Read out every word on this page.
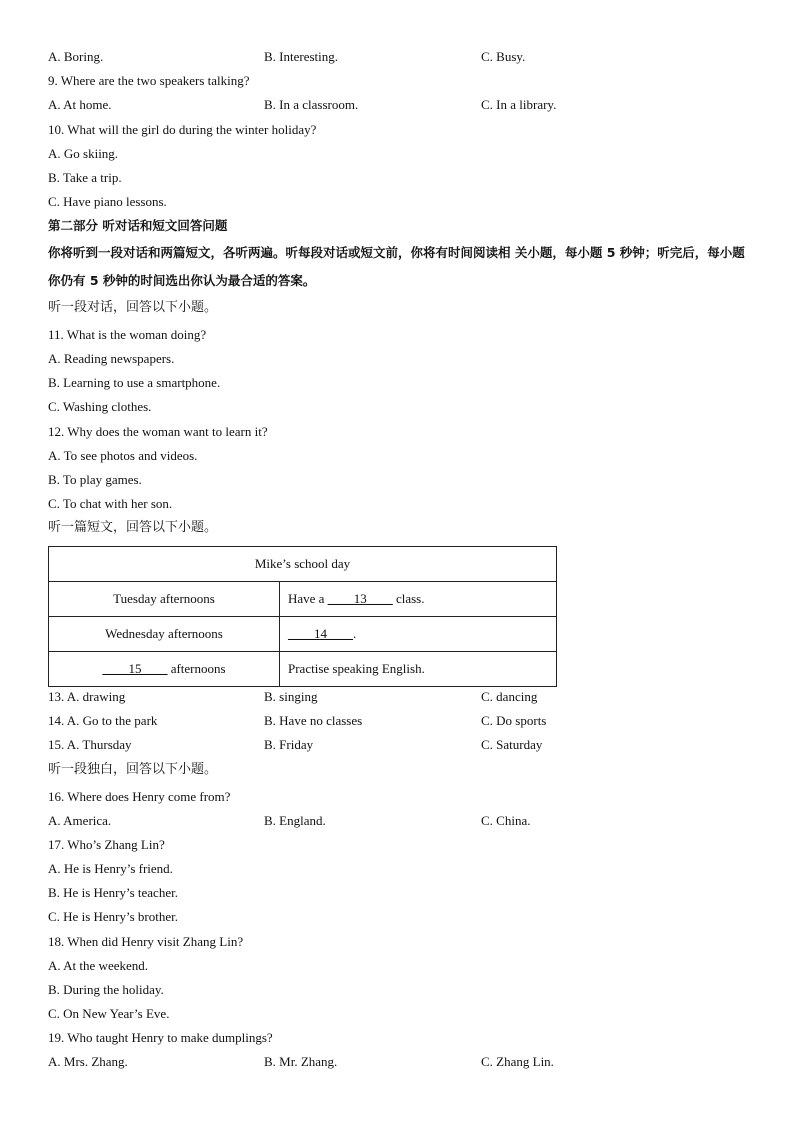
A. Boring.	B. Interesting.	C. Busy.
9. Where are the two speakers talking?
A. At home.	B. In a classroom.	C. In a library.
10. What will the girl do during the winter holiday?
A. Go skiing.
B. Take a trip.
C. Have piano lessons.
第二部分 听对话和短文回答问题
你将听到一段对话和两篇短文，各听两遍。听每段对话或短文前，你将有时间阅读相 关小题，每小题 5 秒钟；听完后，每小题你仍有 5 秒钟的时间选出你认为最合适的答案。
听一段对话，回答以下小题。
11. What is the woman doing?
A. Reading newspapers.
B. Learning to use a smartphone.
C. Washing clothes.
12. Why does the woman want to learn it?
A. To see photos and videos.
B. To play games.
C. To chat with her son.
听一篇短文，回答以下小题。
Mike’s school day	
Tuesday afternoons	Have a ____13____ class.
Wednesday afternoons	____14____.
____15____ afternoons	Practise speaking English.
13. A. drawing	B. singing	C. dancing
14. A. Go to the park	B. Have no classes	C. Do sports
15. A. Thursday	B. Friday	C. Saturday
听一段独白，回答以下小题。
16. Where does Henry come from?
A. America.	B. England.	C. China.
17. Who’s Zhang Lin?
A. He is Henry’s friend.
B. He is Henry’s teacher.
C. He is Henry’s brother.
18. When did Henry visit Zhang Lin?
A. At the weekend.
B. During the holiday.
C. On New Year’s Eve.
19. Who taught Henry to make dumplings?
A. Mrs. Zhang.	B. Mr. Zhang.	C. Zhang Lin.
